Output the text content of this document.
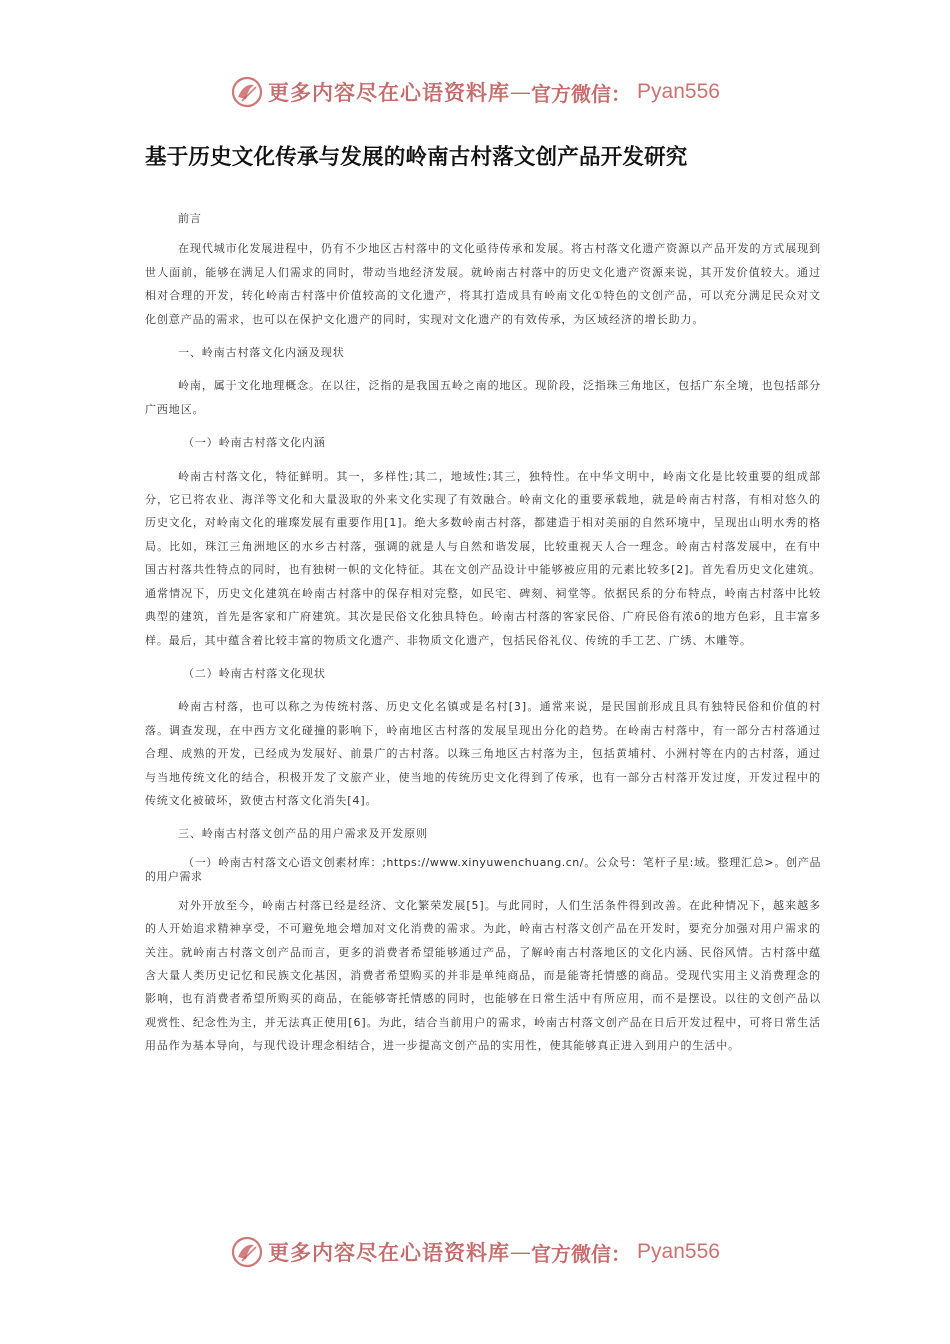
更多内容尽在心语资料库 — 官方微信： Pyan556
基于历史文化传承与发展的岭南古村落文创产品开发研究

前言

在现代城市化发展进程中，仍有不少地区古村落中的文化亟待传承和发展。将古村落文化遗产资源以产品开发的方式展现到世人面前，能够在满足人们需求的同时，带动当地经济发展。就岭南古村落中的历史文化遗产资源来说，其开发价值较大。通过相对合理的开发，转化岭南古村落中价值较高的文化遗产，将其打造成具有岭南文化①特色的文创产品，可以充分满足民众对文化创意产品的需求，也可以在保护文化遗产的同时，实现对文化遗产的有效传承，为区域经济的增长助力。

一、岭南古村落文化内涵及现状

岭南，属于文化地理概念。在以往，泛指的是我国五岭之南的地区。现阶段，泛指珠三角地区，包括广东全境，也包括部分广西地区。

（一）岭南古村落文化内涵

岭南古村落文化，特征鲜明。其一，多样性;其二，地域性;其三，独特性。在中华文明中，岭南文化是比较重要的组成部分，它已将农业、海洋等文化和大量汲取的外来文化实现了有效融合。岭南文化的重要承载地，就是岭南古村落，有相对悠久的历史文化，对岭南文化的璀璨发展有重要作用[1]。绝大多数岭南古村落，都建造于相对美丽的自然环境中，呈现出山明水秀的格局。比如，珠江三角洲地区的水乡古村落，强调的就是人与自然和谐发展，比较重视天人合一理念。岭南古村落发展中，在有中国古村落共性特点的同时，也有独树一帜的文化特征。其在文创产品设计中能够被应用的元素比较多[2]。首先看历史文化建筑。通常情况下，历史文化建筑在岭南古村落中的保存相对完整，如民宅、碑刻、祠堂等。依据民系的分布特点，岭南古村落中比较典型的建筑，首先是客家和广府建筑。其次是民俗文化独具特色。岭南古村落的客家民俗、广府民俗有浓ō的地方色彩，且丰富多样。最后，其中蕴含着比较丰富的物质文化遗产、非物质文化遗产，包括民俗礼仪、传统的手工艺、广绣、木雕等。

（二）岭南古村落文化现状

岭南古村落，也可以称之为传统村落、历史文化名镇或是名村[3]。通常来说，是民国前形成且具有独特民俗和价值的村落。调查发现，在中西方文化碰撞的影响下，岭南地区古村落的发展呈现出分化的趋势。在岭南古村落中，有一部分古村落通过合理、成熟的开发，已经成为发展好、前景广的古村落。以珠三角地区古村落为主，包括黄埔村、小洲村等在内的古村落，通过与当地传统文化的结合，积极开发了文旅产业，使当地的传统历史文化得到了传承，也有一部分古村落开发过度，开发过程中的传统文化被破坏，致使古村落文化消失[4]。

三、岭南古村落文创产品的用户需求及开发原则

（一）岭南古村落文心语文创素材库：;https://www.xinyuwenchuang.cn/。公众号：笔杆子星:域。整理汇总>。创产品的用户需求

对外开放至今，岭南古村落已经是经济、文化繁荣发展[5]。与此同时，人们生活条件得到改善。在此种情况下，越来越多的人开始追求精神享受，不可避免地会增加对文化消费的需求。为此，岭南古村落文创产品在开发时，要充分加强对用户需求的关注。就岭南古村落文创产品而言，更多的消费者希望能够通过产品，了解岭南古村落地区的文化内涵、民俗风情。古村落中蕴含大量人类历史记忆和民族文化基因，消费者希望购买的并非是单纯商品，而是能寄托情感的商品。受现代实用主义消费理念的影响，也有消费者希望所购买的商品，在能够寄托情感的同时，也能够在日常生活中有所应用，而不是摆设。以往的文创产品以观赏性、纪念性为主，并无法真正使用[6]。为此，结合当前用户的需求，岭南古村落文创产品在日后开发过程中，可将日常生活用品作为基本导向，与现代设计理念相结合，进一步提高文创产品的实用性，使其能够真正进入到用户的生活中。

更多内容尽在心语资料库 — 官方微信： Pyan556
